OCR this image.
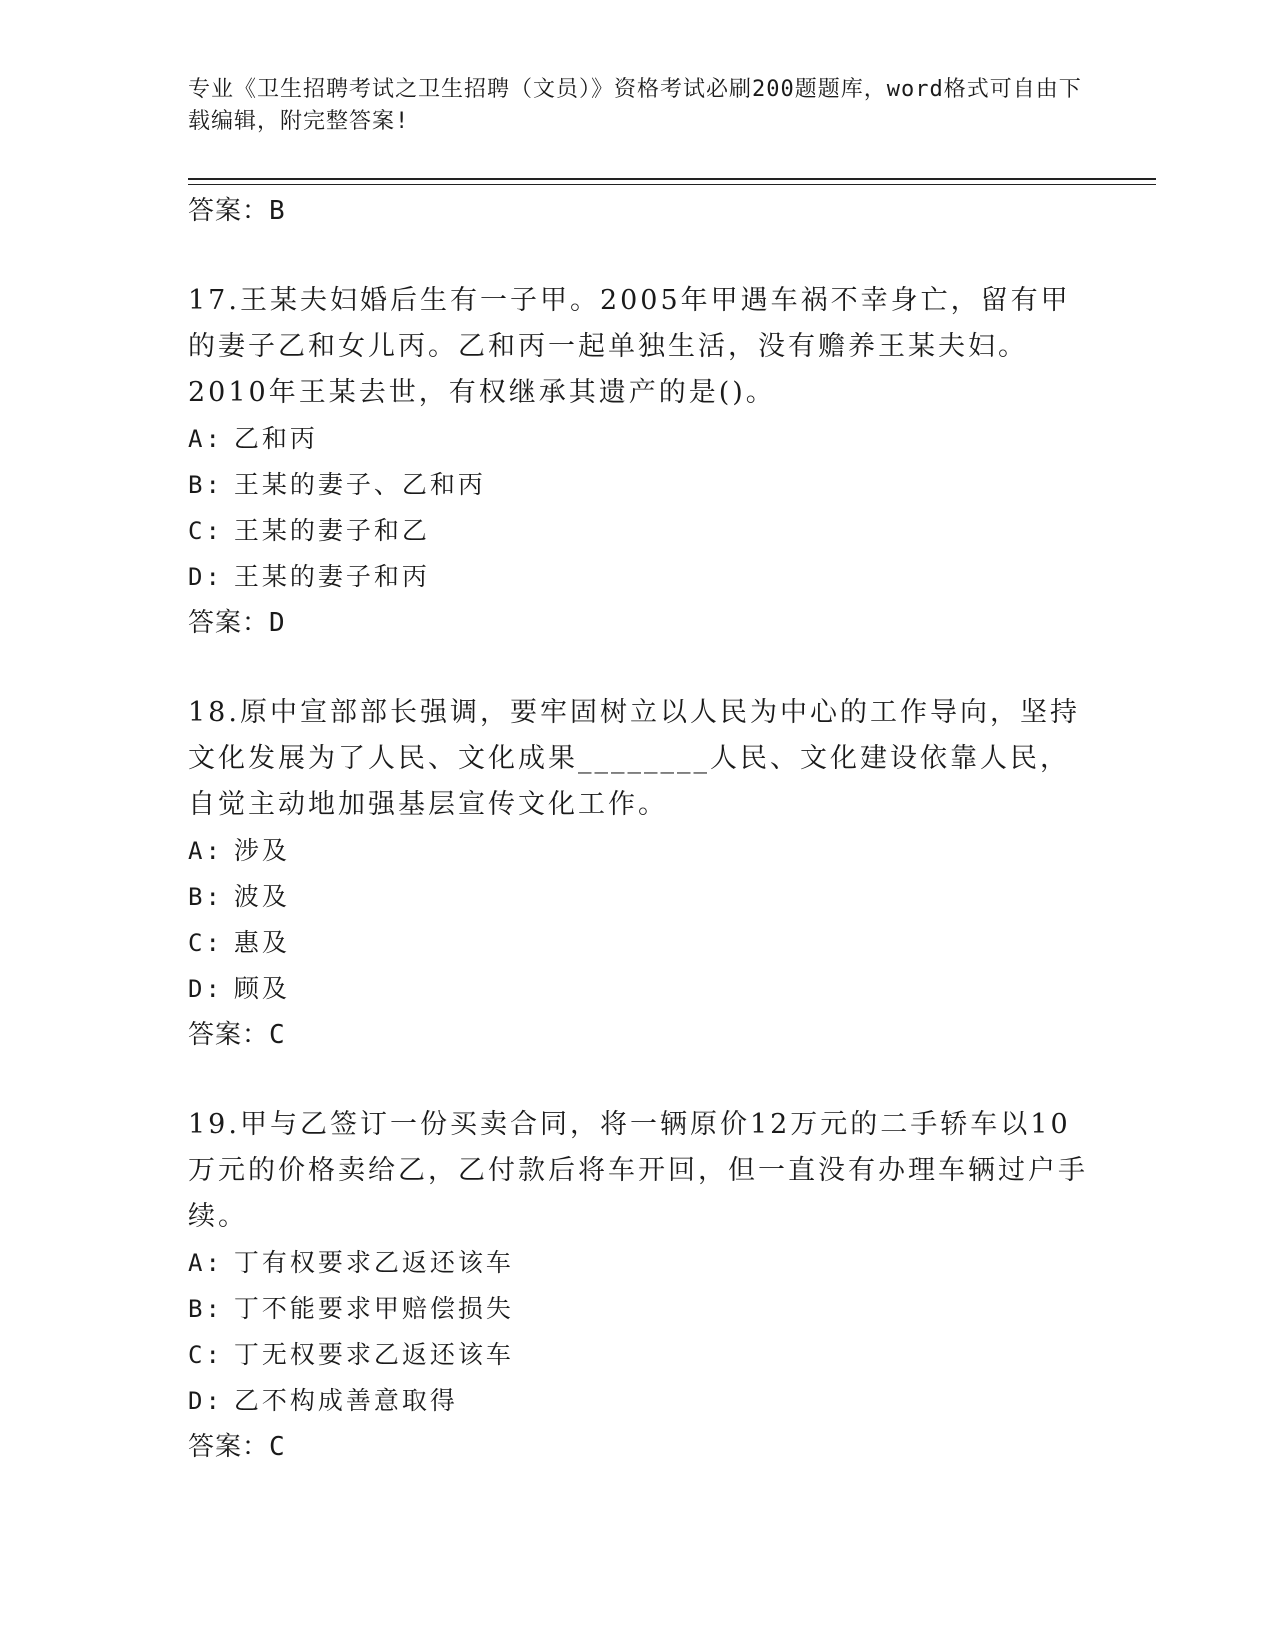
专业《卫生招聘考试之卫生招聘（文员）》资格考试必刷200题题库，word格式可自由下载编辑，附完整答案!
答案：B

17.王某夫妇婚后生有一子甲。2005年甲遇车祸不幸身亡，留有甲的妻子乙和女儿丙。乙和丙一起单独生活，没有赡养王某夫妇。2010年王某去世，有权继承其遗产的是()。

A: 乙和丙
B: 王某的妻子、乙和丙
C: 王某的妻子和乙
D: 王某的妻子和丙
答案：D

18.原中宣部部长强调，要牢固树立以人民为中心的工作导向，坚持文化发展为了人民、文化成果________人民、文化建设依靠人民，自觉主动地加强基层宣传文化工作。

A: 涉及
B: 波及
C: 惠及
D: 顾及
答案：C

19.甲与乙签订一份买卖合同，将一辆原价12万元的二手轿车以10万元的价格卖给乙，乙付款后将车开回，但一直没有办理车辆过户手续。

A: 丁有权要求乙返还该车
B: 丁不能要求甲赔偿损失
C: 丁无权要求乙返还该车
D: 乙不构成善意取得
答案：C
